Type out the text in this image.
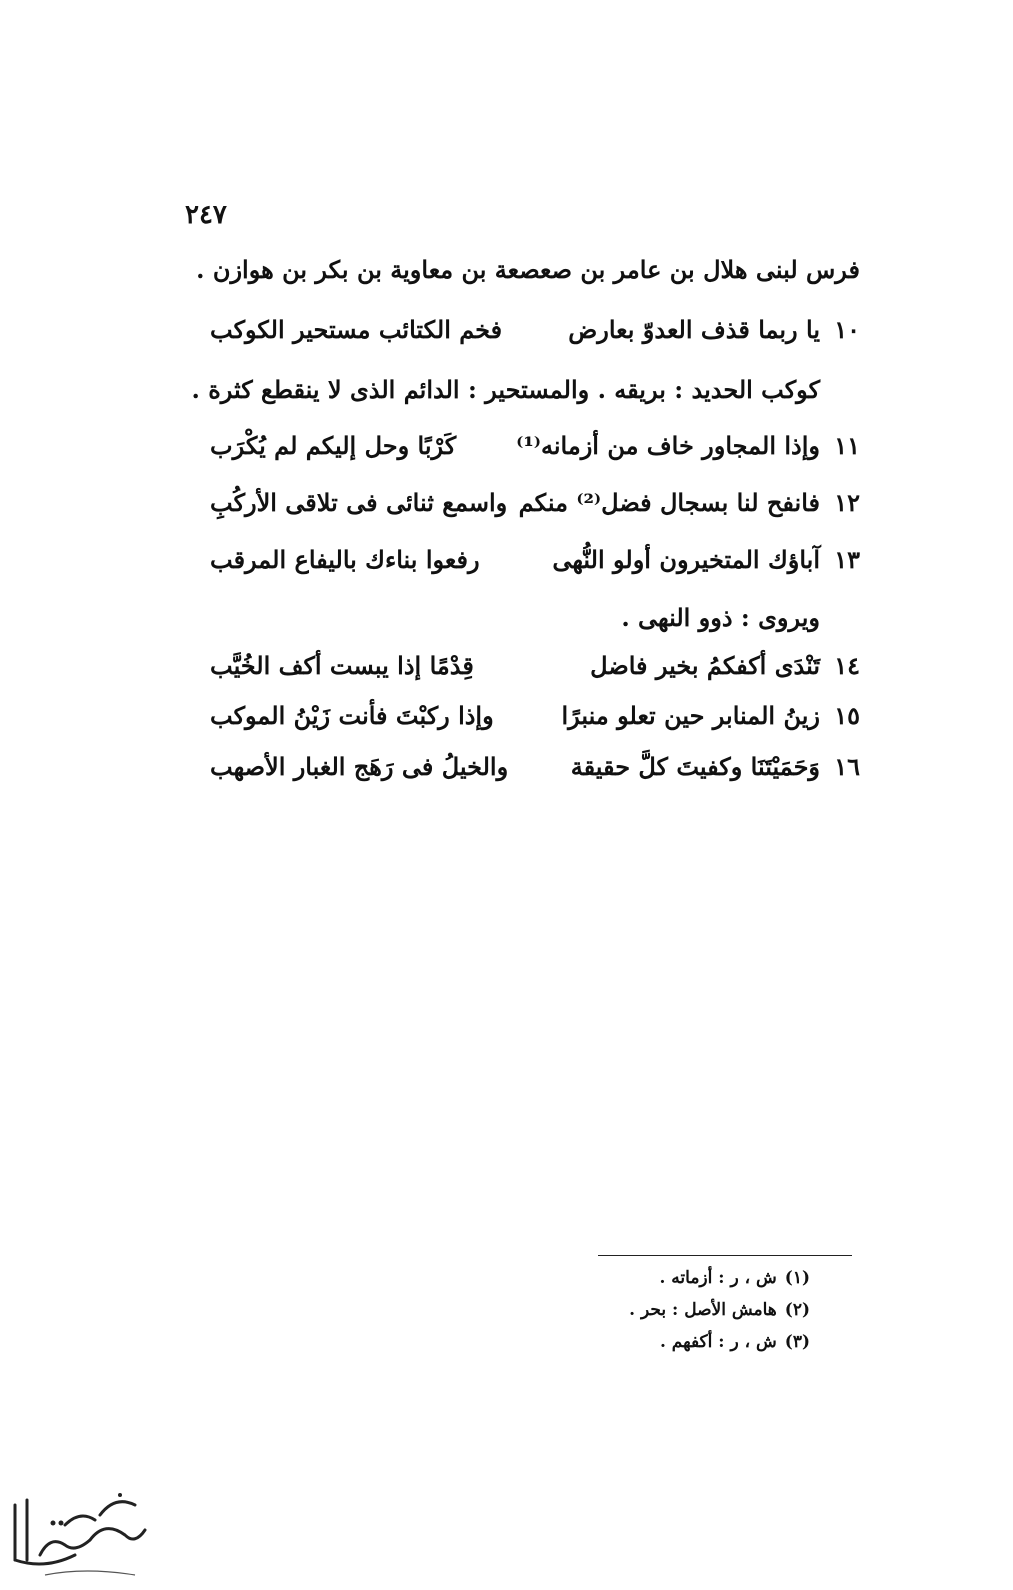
٢٤٧
فرس لبنى هلال بن عامر بن صعصعة بن معاوية بن بكر بن هوازن .
١٠
يا ربما قذف العدوّ بعارض
فخم الكتائب مستحير الكوكب
كوكب الحديد : بريقه . والمستحير : الدائم الذى لا ينقطع كثرة .
١١
وإذا المجاور خاف من أزمانه⁽¹⁾
كَرْبًا وحل إليكم لم يُكْرَب
١٢
فانفح لنا بسجال فضل⁽²⁾ منكم
واسمع ثنائى فى تلاقى الأركُبِ
١٣
آباؤك المتخيرون أولو النُّهى
رفعوا بناءك باليفاع المرقب
ويروى : ذوو النهى .
١٤
تَنْدَى أكفكمُ بخير فاضل
قِدْمًا إذا يبست أكف الخُيَّب
١٥
زينُ المنابر حين تعلو منبرًا
وإذا ركبْتَ فأنت زَيْنُ الموكب
١٦
وَحَمَيْتَنَا وكفيتَ كلَّ حقيقة
والخيلُ فى رَهَج الغبار الأصهب
(١)ش ، ر : أزماته .
(٢)هامش الأصل : بحر .
(٣)ش ، ر : أكفهم .
